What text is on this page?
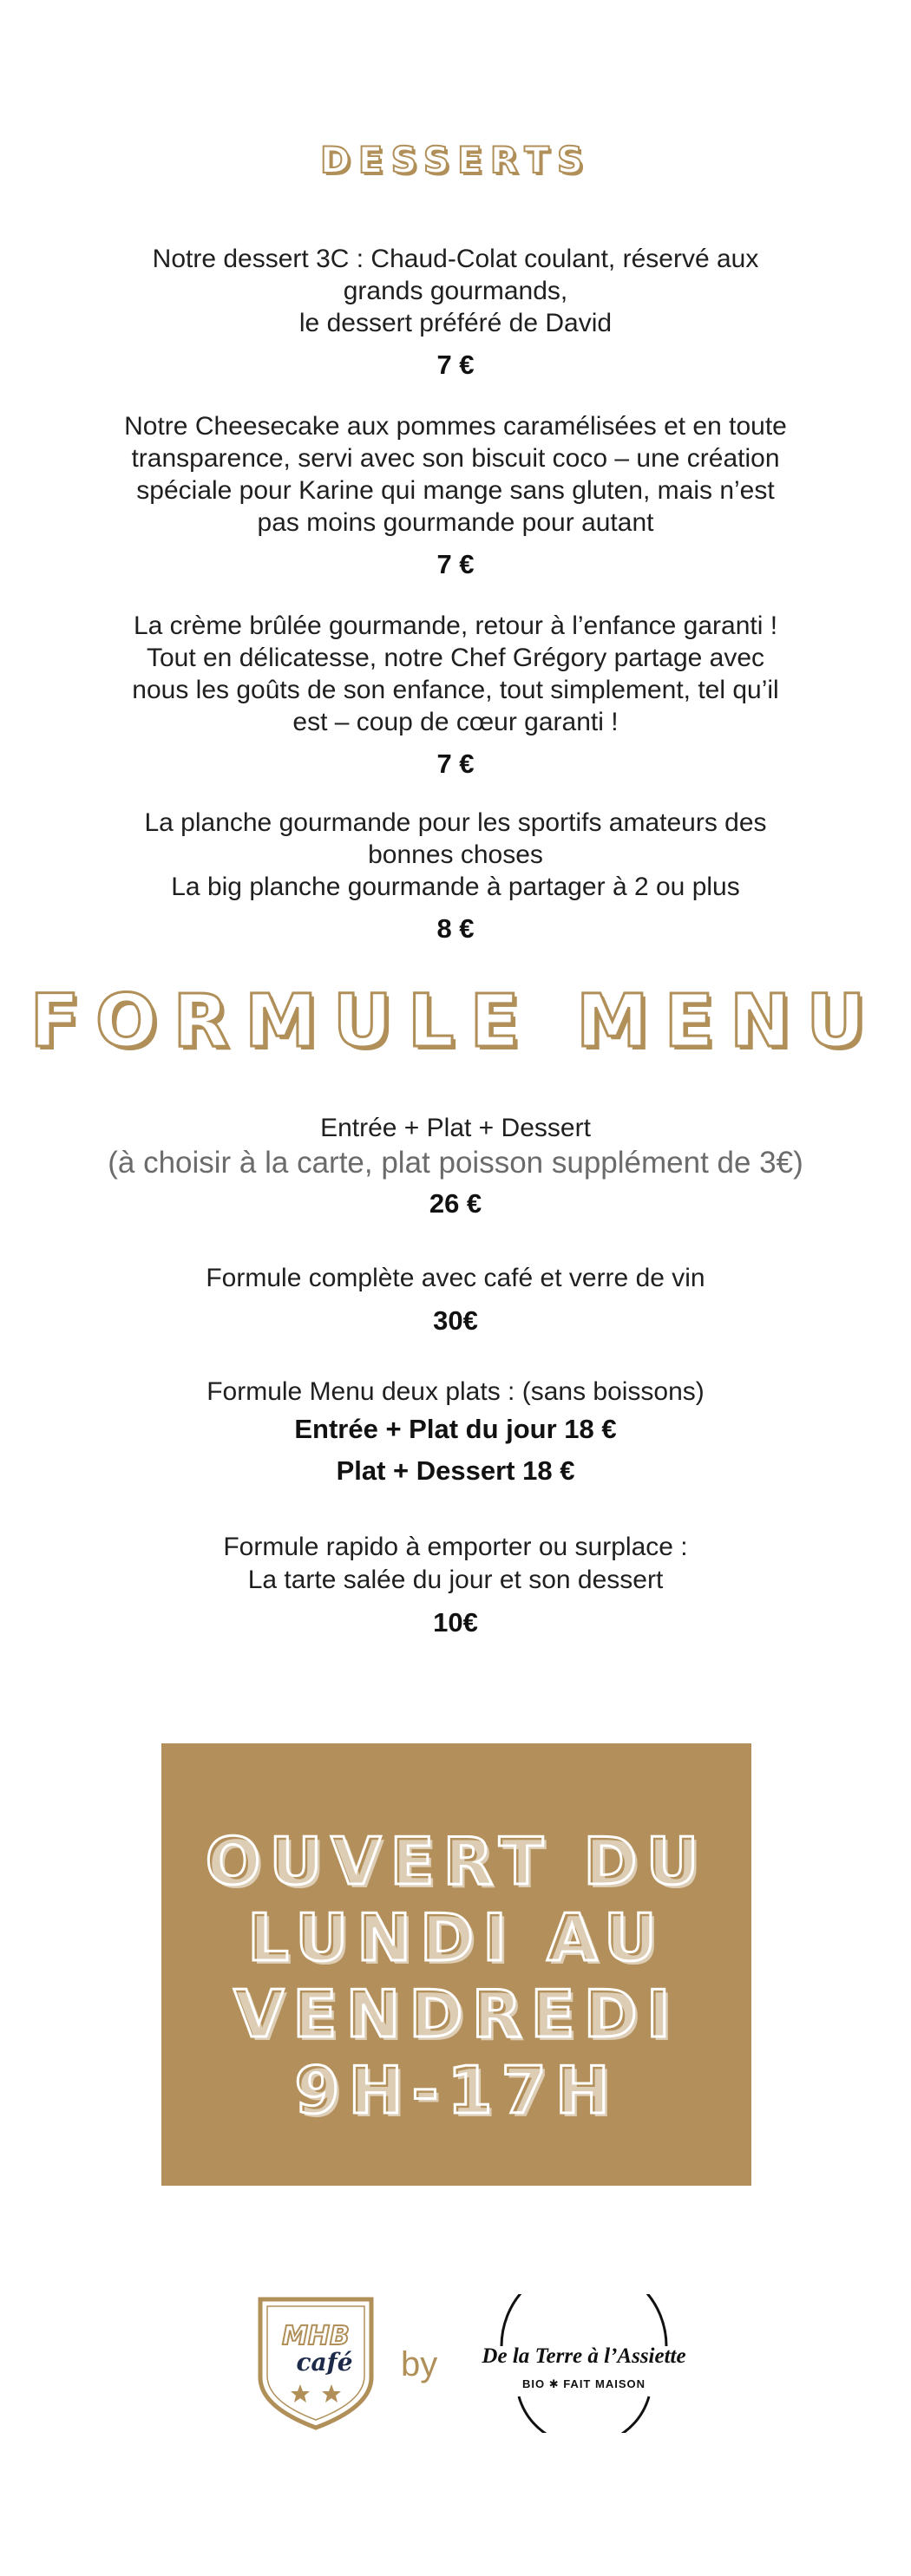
DESSERTS
Notre dessert 3C : Chaud-Colat coulant, réservé aux
grands gourmands,
le dessert préféré de David
7 €
Notre Cheesecake aux pommes caramélisées et en toute
transparence, servi avec son biscuit coco – une création
spéciale pour Karine qui mange sans gluten, mais n’est
pas moins gourmande pour autant
7 €
La crème brûlée gourmande, retour à l’enfance garanti !
Tout en délicatesse, notre Chef Grégory partage avec
nous les goûts de son enfance, tout simplement, tel qu’il
est – coup de cœur garanti !
7 €
La planche gourmande pour les sportifs amateurs des
bonnes choses
La big planche gourmande à partager à 2 ou plus
8 €
FORMULE MENU
Entrée + Plat + Dessert
(à choisir à la carte, plat poisson supplément de 3€)
26 €
Formule complète avec café et verre de vin
30€
Formule Menu deux plats : (sans boissons)
Entrée + Plat du jour 18 €
Plat + Dessert 18 €
Formule rapido à emporter ou surplace :
La tarte salée du jour et son dessert
10€
OUVERT DU
LUNDI AU
VENDREDI
9H-17H
MHB
café by	De la Terre à l’Assiette
BIO ✱ FAIT MAISON
